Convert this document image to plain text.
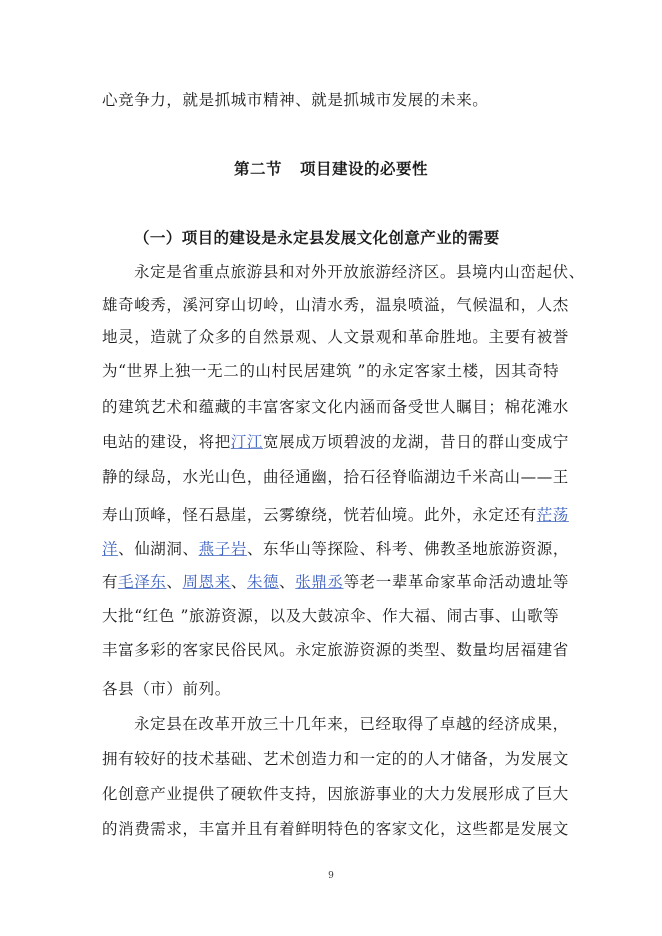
心竞争力，就是抓城市精神、就是抓城市发展的未来。
第二节 项目建设的必要性
（一）项目的建设是永定县发展文化创意产业的需要
永定是省重点旅游县和对外开放旅游经济区。县境内山峦起伏、
雄奇峻秀，溪河穿山切岭，山清水秀，温泉喷溢，气候温和，人杰
地灵，造就了众多的自然景观、人文景观和革命胜地。主要有被誉
为“世界上独一无二的山村民居建筑 ”的永定客家土楼，因其奇特
的建筑艺术和蕴藏的丰富客家文化内涵而备受世人瞩目；棉花滩水
电站的建设，将把汀江宽展成万顷碧波的龙湖，昔日的群山变成宁
静的绿岛，水光山色，曲径通幽，拾石径脊临湖边千米高山——王
寿山顶峰，怪石悬崖，云雾缭绕，恍若仙境。此外，永定还有茫荡
洋、仙湖洞、燕子岩、东华山等探险、科考、佛教圣地旅游资源，
有毛泽东、周恩来、朱德、张鼎丞等老一辈革命家革命活动遗址等
大批“红色 ”旅游资源，以及大鼓凉伞、作大福、闹古事、山歌等
丰富多彩的客家民俗民风。永定旅游资源的类型、数量均居福建省
各县（市）前列。
永定县在改革开放三十几年来，已经取得了卓越的经济成果，
拥有较好的技术基础、艺术创造力和一定的的人才储备，为发展文
化创意产业提供了硬软件支持，因旅游事业的大力发展形成了巨大
的消费需求，丰富并且有着鲜明特色的客家文化，这些都是发展文
9
